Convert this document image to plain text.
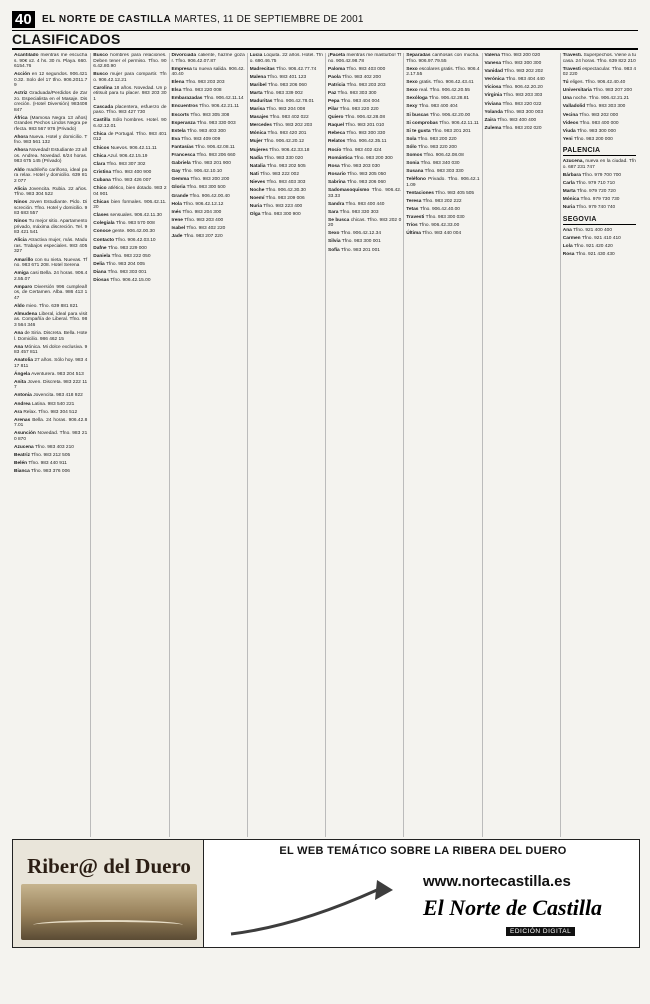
40	EL NORTE DE CASTILLA MARTES, 11 DE SEPTIEMBRE DE 2001
CLASIFICADOS
Acantilado mientras me escuchas. 90€ x2. 4 hs. 30 m. Playa. 660. 6154.76
Acción en 12 segundos. 906.4210.32. Solo del 17 tfno. 906.2011.79
Actriz Graduada/Perdidos de Zarzo. Especialista en el Masaje. Discreción. (Hotel Diversión) 983408847
África (Mamosa Negra 13 años) Grandes Pechos Lindos Negra perfecta. 983 567 976 (Privado)
Ahora Nueva. Hotel y domicilio. Tfno. 983 561 132
Ahora Novedad! Estudiante 23 años. Andrea. Novedad. 6/24 horas. 983 675 145 (Privado)
Aldo madrileño cariñoso, ideal para relax. Hotel y domicilio. 639 812 077
Alicia Jovencita. Rubia. 22 años. Tfno. 983 304 522
Ninos Joven Estudiante. Pido. Discreción. Tfno. Hotel y domicilio. 983 683 557
Ninos Tu mejor sitio. Apartamento privado, máxima discreción. Tel. 983 421 541
Alicia Atractiva mujer, más. Maduras. Trabajos especiales. 983 405 327
Amarillo con su nieta. Nuevas. Tfno. 983 671 208. Hotel Serena
Amiga casi Bella. 24 horas. 906.42.55.07
Amparo Diversión 996 cumpleaños, de Certamen. Alba. 986 413 147
Aldo mieo. Tfno. 639 881 821
Almudena Liberal, ideal para visitas. Compañía de Liberal. Tfno. 983 564 346
Ana de Siria. Discreta. Bella. Hotel. Domicilio. 986 462 15
Ana Mónica. Mi dolce exclusiva. 983 457 811
Anatolia 27 años. Sólo hoy. 983 417 811
Ángela Aventurera. 983 204 513
Anita Joven. Discreta. 983 222 117
Antonia Jovencita. 983 418 922
Andrea Latina. 983 540 221
Ara Relax. Tfno. 983 304 512
Arenas Bella. 24 horas. 906.42.87.01
Asunción Novedad. Tfno. 983 210 870
Azucena Tfno. 983 403 210
Beatriz Tfno. 983 212 505
Belén Tfno. 983 440 911
Bianca Tfno. 983 376 006
Busco hombres para relaciones. Deben tener el permiso. Tfno. 906.42.80.90
Busco mujer para compartir. Tfno. 906.42.12.21
Carolina 18 años. Novedad. Un petitsuit para tu placer. 983 203 301
Cascada placentera, esfuerzo de paso. Tfno. 983 427 730
Castilla Sólo hombres. Hotel. 906.42.12.01
Chica de Portugal. Tfno. 983 401 012
Chicos Nuevos. 906.42.11.11
Chica Azul. 906.42.15.19
Clara Tfno. 983 307 302
Cristina Tfno. 983 400 900
Cubana Tfno. 983 426 007
Chico atlético, bien dotado. 983 204 901
Chicas bien formales. 906.42.11.20
Clases sensuales. 906.42.11.30
Colegiala Tfno. 983 570 008
Conoce gente. 906.42.00.30
Contacto Tfno. 906.42.03.10
Dafne Tfno. 983 229 000
Daniela Tfno. 983 222 050
Delia Tfno. 983 204 005
Diana Tfno. 983 303 001
Diosas Tfno. 906.42.15.00
Divorciada caliente, hazme gozar. Tfno. 906.42.07.87
Empresa tu nueva salida. 906.42.40.40
Elena Tfno. 983 203 203
Elsa Tfno. 983 220 008
Embarazadas Tfno. 906.42.11.14
Encuentros Tfno. 906.42.21.11
Escorts Tfno. 983 305 308
Esperanza Tfno. 983 330 003
Estela Tfno. 983 403 300
Eva Tfno. 983 409 009
Fantasías Tfno. 906.42.08.11
Francesca Tfno. 983 206 660
Gabriela Tfno. 983 201 900
Gay Tfno. 906.42.10.10
Gemma Tfno. 983 200 200
Gloria Tfno. 983 300 500
Grande Tfno. 906.42.00.40
Hola Tfno. 906.42.12.12
Inés Tfno. 983 204 300
Irene Tfno. 983 203 400
Isabel Tfno. 983 402 220
Jade Tfno. 983 207 220
Lucía Loquita. 22 años. Hotel. Tfno. 690.46.75
Madrecitas Tfno. 906.42.77.74
Malena Tfno. 983 401 123
Maribel Tfno. 983 206 060
Marta Tfno. 983 339 002
Maduritas Tfno. 906.42.78.01
Marisa Tfno. 983 204 008
Masajes Tfno. 983 402 022
Mercedes Tfno. 983 202 203
Mónica Tfno. 983 420 201
Mujer Tfno. 906.42.20.12
Mujeres Tfno. 906.42.33.18
Nadia Tfno. 983 330 020
Natalia Tfno. 983 202 505
Nati Tfno. 983 222 002
Nieves Tfno. 983 403 303
Noche Tfno. 906.42.30.30
Noemí Tfno. 983 209 006
Nuria Tfno. 983 223 400
Olga Tfno. 983 300 900
¡Paceta mientras me masturbo! Tfno. 906.42.98.78
Paloma Tfno. 983 403 000
Paola Tfno. 983 402 200
Patricia Tfno. 983 203 203
Paz Tfno. 983 303 300
Pepa Tfno. 983 404 004
Pilar Tfno. 983 220 220
Quiero Tfno. 906.42.28.08
Raquel Tfno. 983 201 010
Rebeca Tfno. 983 300 330
Relatos Tfno. 906.42.35.11
Rocío Tfno. 983 402 424
Romántica Tfno. 983 200 300
Rosa Tfno. 983 203 030
Rosario Tfno. 983 205 050
Sabrina Tfno. 983 206 060
Sadomasoquismo Tfno. 906.42.33.33
Sandra Tfno. 983 400 440
Sara Tfno. 983 330 303
Se busca chicas. Tfno. 983 202 020
Sexo Tfno. 906.42.12.34
Silvia Tfno. 983 300 001
Sofía Tfno. 983 201 001
Separadas cariñosas con mucha. Tfno. 906.97.79.55
Sexo escolares gratis. Tfno. 906.42.17.55
Sexo gratis. Tfno. 906.42.43.41
Sexo real. Tfno. 906.42.20.55
Sexóloga Tfno. 906.42.28.81
Sexy Tfno. 983 400 404
Si buscas Tfno. 906.42.20.00
Si comprobas Tfno. 906.42.11.11
Si te gusta Tfno. 983 201 201
Sola Tfno. 983 200 220
Sólo Tfno. 983 220 200
Somos Tfno. 906.42.08.08
Sonia Tfno. 983 340 030
Susana Tfno. 983 303 330
Teléfono Privado. Tfno. 906.42.11.09
Tentaciones Tfno. 983 405 505
Teresa Tfno. 983 202 222
Tetas Tfno. 906.42.40.00
Travesti Tfno. 983 300 030
Tríos Tfno. 906.42.33.00
Última Tfno. 983 440 004
Valeria Tfno. 983 200 020
Vanesa Tfno. 983 300 300
Vanidad Tfno. 983 202 202
Verónica Tfno. 983 404 440
Viciosa Tfno. 906.42.20.20
Virginia Tfno. 983 203 303
Viviana Tfno. 983 220 022
Yolanda Tfno. 983 300 003
Zaira Tfno. 983 400 400
Zulema Tfno. 983 202 020
Travesti. Superpechos. Viene a tu casa. 24 horas. Tfno. 639 822 210
Travesti espectacular. Tfno. 983 402 220
Tú eliges. Tfno. 906.42.40.40
Universitaria Tfno. 983 207 200
Una noche. Tfno. 906.42.21.21
Valladolid Tfno. 983 303 300
Vecina Tfno. 983 202 000
Videos Tfno. 983 400 000
Viuda Tfno. 983 300 000
Yeni Tfno. 983 200 000
PALENCIA
Azucena, nueva en la ciudad. Tfno. 687 231 747
Bárbara Tfno. 979 700 700
Carla Tfno. 979 710 710
Marta Tfno. 979 720 720
Mónica Tfno. 979 730 730
Nuria Tfno. 979 740 740
SEGOVIA
Ana Tfno. 921 400 400
Carmen Tfno. 921 410 410
Lola Tfno. 921 420 420
Rosa Tfno. 921 430 430
Riber@ del Duero
EL WEB TEMÁTICO SOBRE LA RIBERA DEL DUERO
www.nortecastilla.es
El Norte de Castilla
EDICIÓN DIGITAL
